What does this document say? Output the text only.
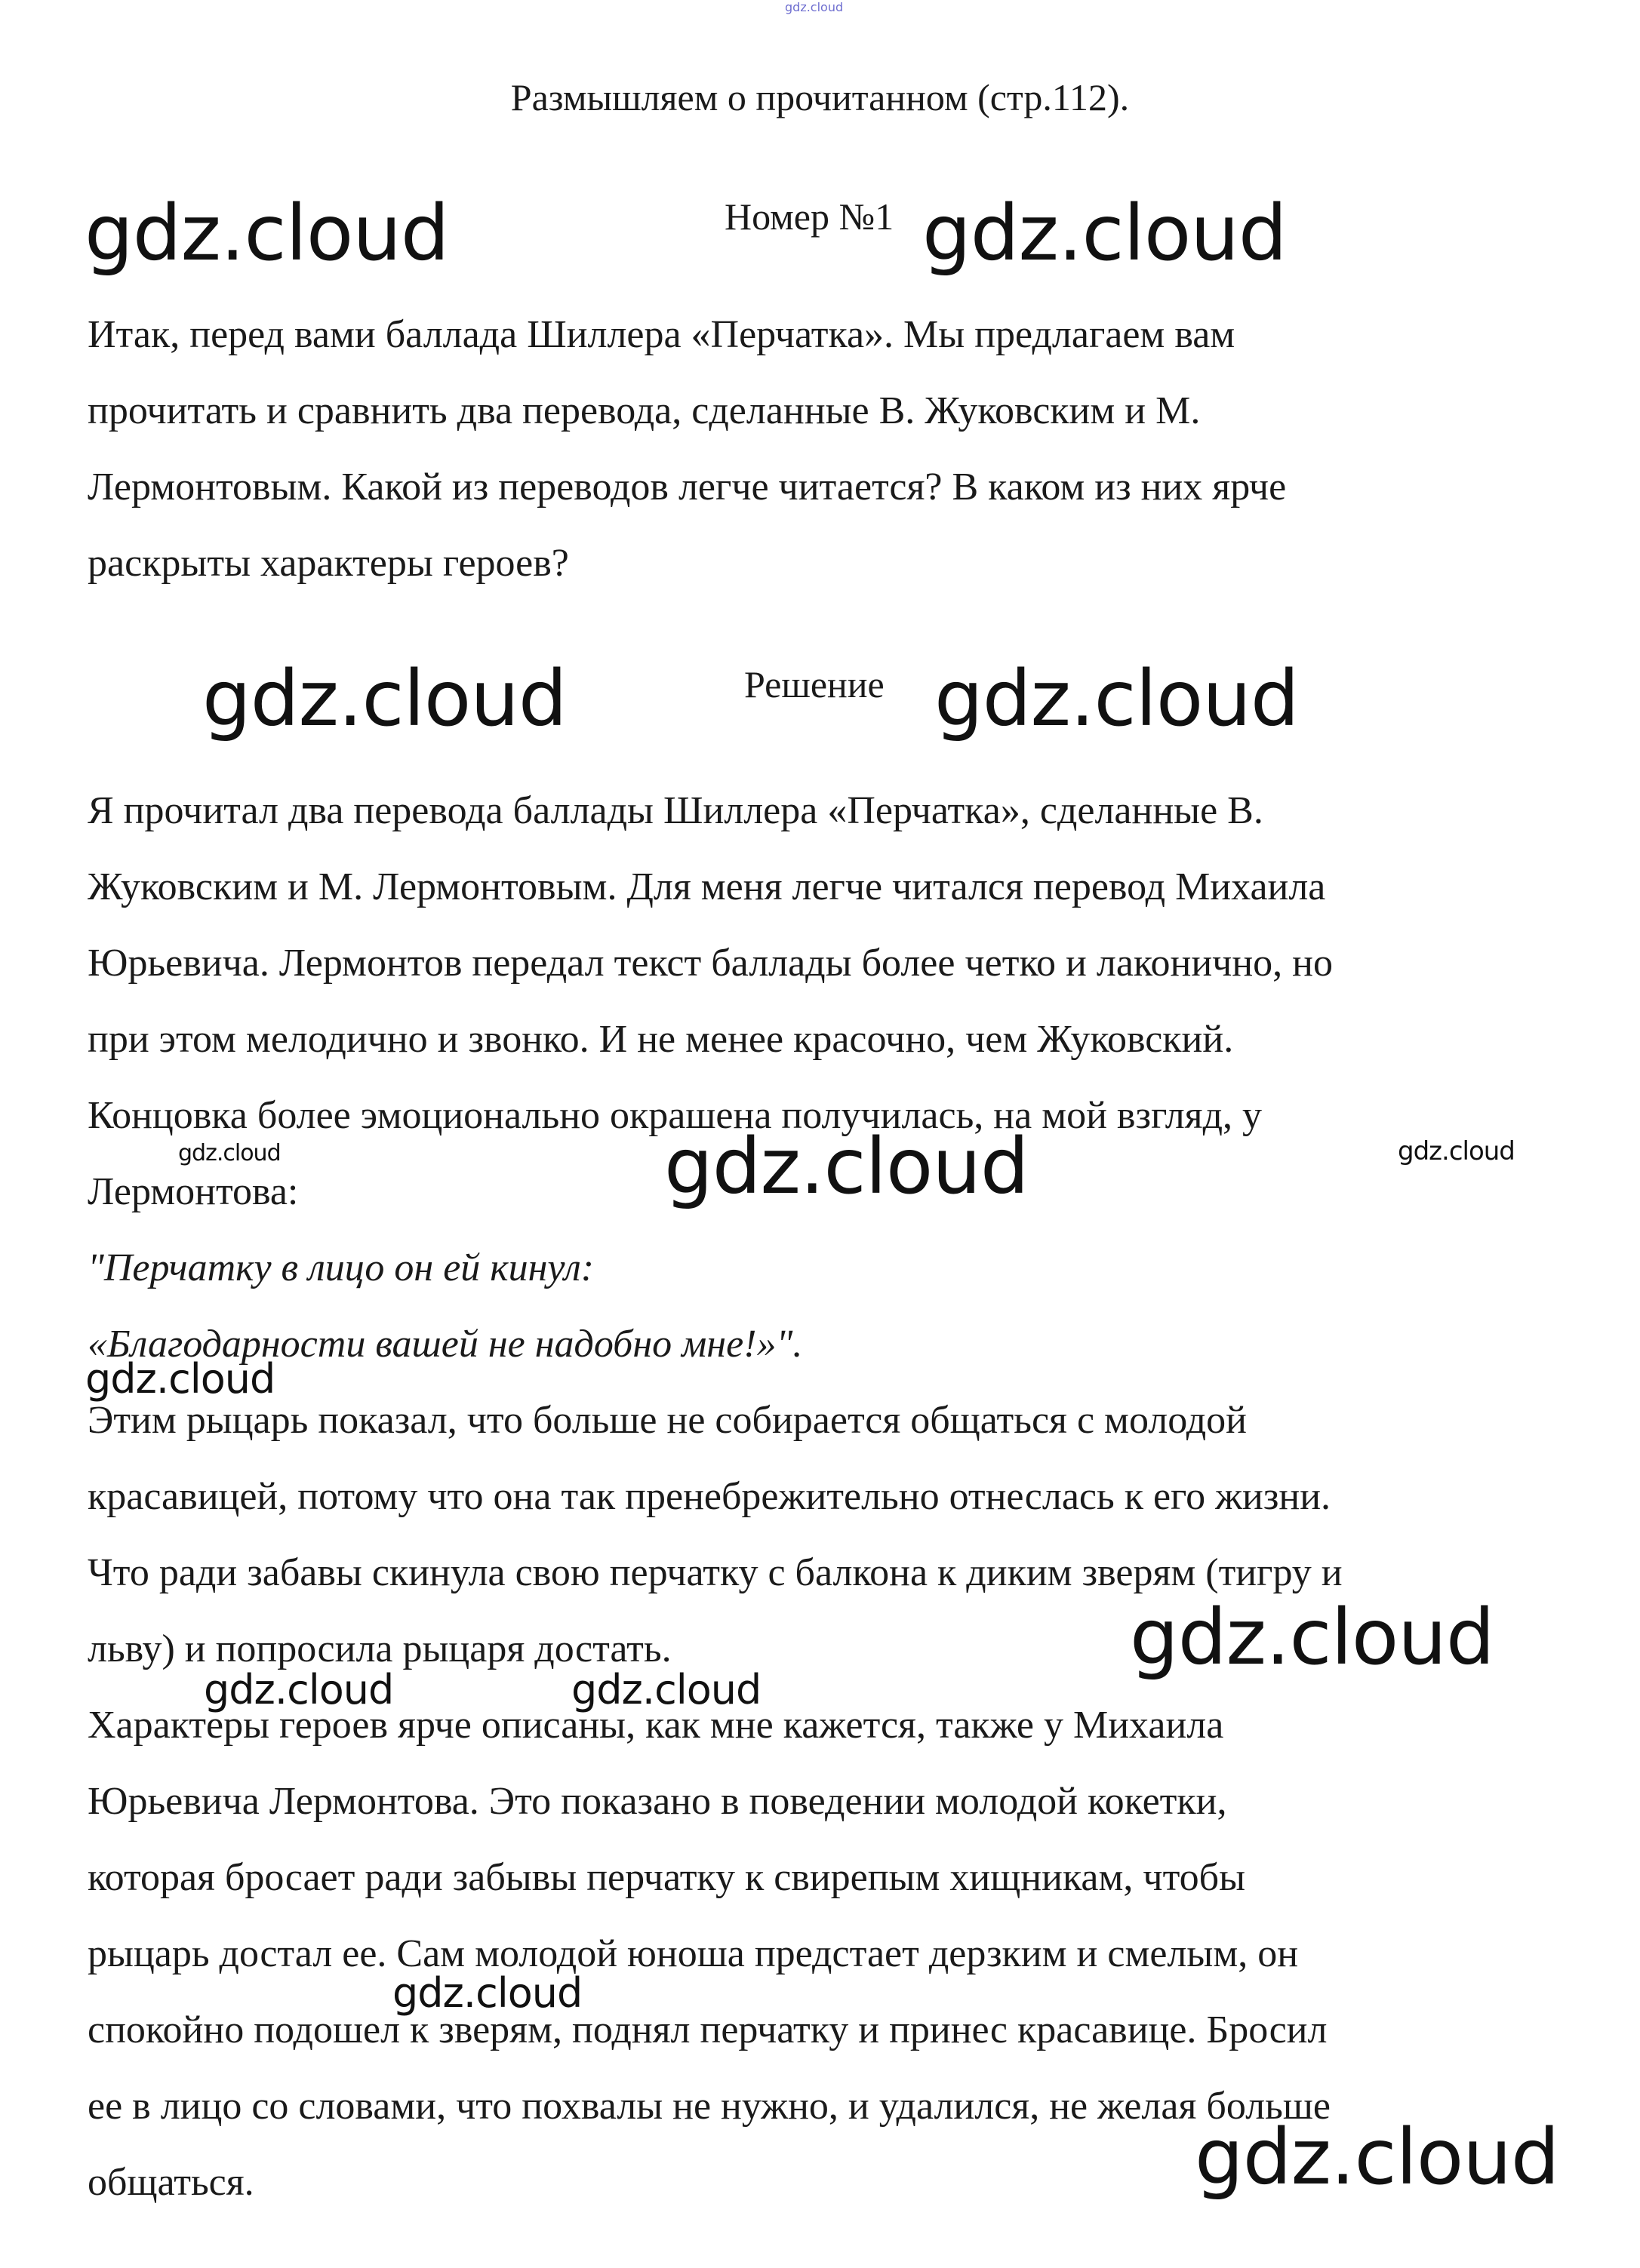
gdz.cloud
Размышляем о прочитанном (стр.112).
Номер №1
Итак, перед вами баллада Шиллера «Перчатка». Мы предлагаем вам
прочитать и сравнить два перевода, сделанные В. Жуковским и М.
Лермонтовым. Какой из переводов легче читается? В каком из них ярче
раскрыты характеры героев?
Решение
Я прочитал два перевода баллады Шиллера «Перчатка», сделанные В.
Жуковским и М. Лермонтовым. Для меня легче читался перевод Михаила
Юрьевича. Лермонтов передал текст баллады более четко и лаконично, но
при этом мелодично и звонко. И не менее красочно, чем Жуковский.
Концовка более эмоционально окрашена получилась, на мой взгляд, у
Лермонтова:
"Перчатку в лицо он ей кинул:
«Благодарности вашей не надобно мне!»".
Этим рыцарь показал, что больше не собирается общаться с молодой
красавицей, потому что она так пренебрежительно отнеслась к его жизни.
Что ради забавы скинула свою перчатку с балкона к диким зверям (тигру и
льву) и попросила рыцаря достать.
Характеры героев ярче описаны, как мне кажется, также у Михаила
Юрьевича Лермонтова. Это показано в поведении молодой кокетки,
которая бросает ради забывы перчатку к свирепым хищникам, чтобы
рыцарь достал ее. Сам молодой юноша предстает дерзким и смелым, он
спокойно подошел к зверям, поднял перчатку и принес красавице. Бросил
ее в лицо со словами, что похвалы не нужно, и удалился, не желая больше
общаться.
gdz.cloud	gdz.cloud
gdz.cloud	gdz.cloud
gdz.cloud	gdz.cloud	gdz.cloud
gdz.cloud
gdz.cloud
gdz.cloud	gdz.cloud
gdz.cloud
gdz.cloud
